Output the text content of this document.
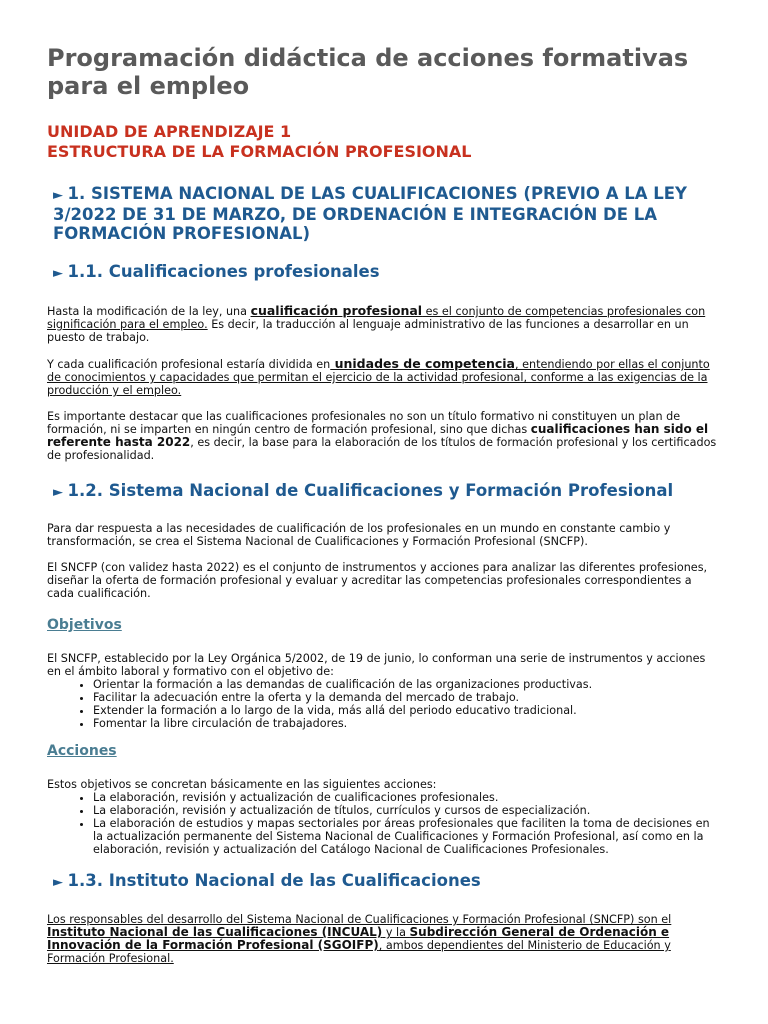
Programación didáctica de acciones formativas para el empleo
UNIDAD DE APRENDIZAJE 1
ESTRUCTURA DE LA FORMACIÓN PROFESIONAL
► 1. SISTEMA NACIONAL DE LAS CUALIFICACIONES (PREVIO A LA LEY 3/2022 DE 31 DE MARZO, DE ORDENACIÓN E INTEGRACIÓN DE LA FORMACIÓN PROFESIONAL)
► 1.1. Cualificaciones profesionales

Hasta la modificación de la ley, una cualificación profesional es el conjunto de competencias profesionales con significación para el empleo. Es decir, la traducción al lenguaje administrativo de las funciones a desarrollar en un puesto de trabajo.

Y cada cualificación profesional estaría dividida en unidades de competencia, entendiendo por ellas el conjunto de conocimientos y capacidades que permitan el ejercicio de la actividad profesional, conforme a las exigencias de la producción y el empleo.

Es importante destacar que las cualificaciones profesionales no son un título formativo ni constituyen un plan de formación, ni se imparten en ningún centro de formación profesional, sino que dichas cualificaciones han sido el referente hasta 2022, es decir, la base para la elaboración de los títulos de formación profesional y los certificados de profesionalidad.

► 1.2. Sistema Nacional de Cualificaciones y Formación Profesional

Para dar respuesta a las necesidades de cualificación de los profesionales en un mundo en constante cambio y transformación, se crea el Sistema Nacional de Cualificaciones y Formación Profesional (SNCFP).

El SNCFP (con validez hasta 2022) es el conjunto de instrumentos y acciones para analizar las diferentes profesiones, diseñar la oferta de formación profesional y evaluar y acreditar las competencias profesionales correspondientes a cada cualificación.

Objetivos

El SNCFP, establecido por la Ley Orgánica 5/2002, de 19 de junio, lo conforman una serie de instrumentos y acciones en el ámbito laboral y formativo con el objetivo de:

• Orientar la formación a las demandas de cualificación de las organizaciones productivas.
• Facilitar la adecuación entre la oferta y la demanda del mercado de trabajo.
• Extender la formación a lo largo de la vida, más allá del periodo educativo tradicional.
• Fomentar la libre circulación de trabajadores.
Acciones

Estos objetivos se concretan básicamente en las siguientes acciones:

• La elaboración, revisión y actualización de cualificaciones profesionales.
• La elaboración, revisión y actualización de títulos, currículos y cursos de especialización.
• La elaboración de estudios y mapas sectoriales por áreas profesionales que faciliten la toma de decisiones en la actualización permanente del Sistema Nacional de Cualificaciones y Formación Profesional, así como en la elaboración, revisión y actualización del Catálogo Nacional de Cualificaciones Profesionales.
► 1.3. Instituto Nacional de las Cualificaciones

Los responsables del desarrollo del Sistema Nacional de Cualificaciones y Formación Profesional (SNCFP) son el Instituto Nacional de las Cualificaciones (INCUAL) y la Subdirección General de Ordenación e Innovación de la Formación Profesional (SGOIFP), ambos dependientes del Ministerio de Educación y Formación Profesional.
